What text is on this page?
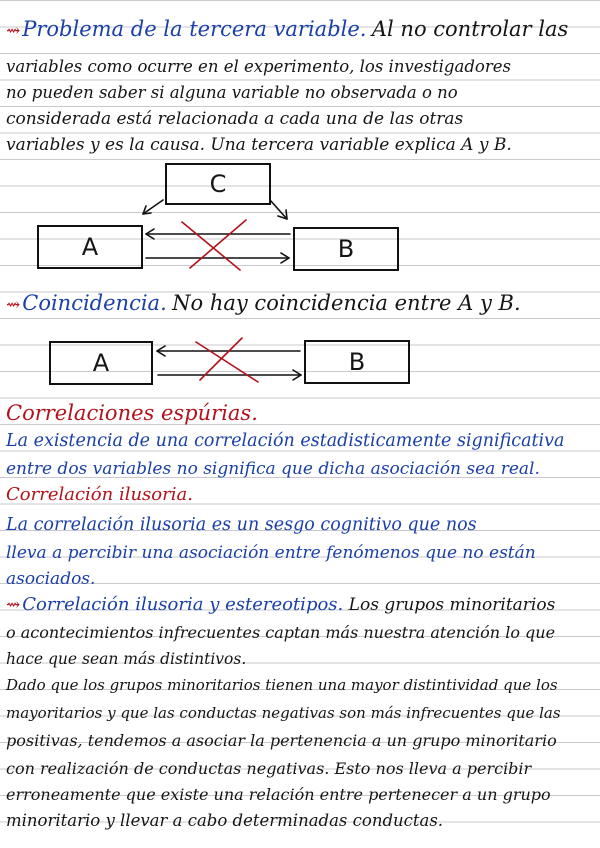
⇝Problema de la tercera variable. Al no controlar las
variables como ocurre en el experimento, los investigadores
no pueden saber si alguna variable no observada o no
considerada está relacionada a cada una de las otras
variables y es la causa. Una tercera variable explica A y B.
C
A	B
⇝Coincidencia. No hay coincidencia entre A y B.
A	B
Correlaciones espúrias.
La existencia de una correlación estadisticamente significativa
entre dos variables no significa que dicha asociación sea real.
Correlación ilusoria.
La correlación ilusoria es un sesgo cognitivo que nos
lleva a percibir una asociación entre fenómenos que no están
asociados.
⇝ Correlación ilusoria y estereotipos. Los grupos minoritarios
o acontecimientos infrecuentes captan más nuestra atención lo que
hace que sean más distintivos.
Dado que los grupos minoritarios tienen una mayor distintividad que los
mayoritarios y que las conductas negativas son más infrecuentes que las
positivas, tendemos a asociar la pertenencia a un grupo minoritario
con realización de conductas negativas. Esto nos lleva a percibir
erroneamente que existe una relación entre pertenecer a un grupo
minoritario y llevar a cabo determinadas conductas.
